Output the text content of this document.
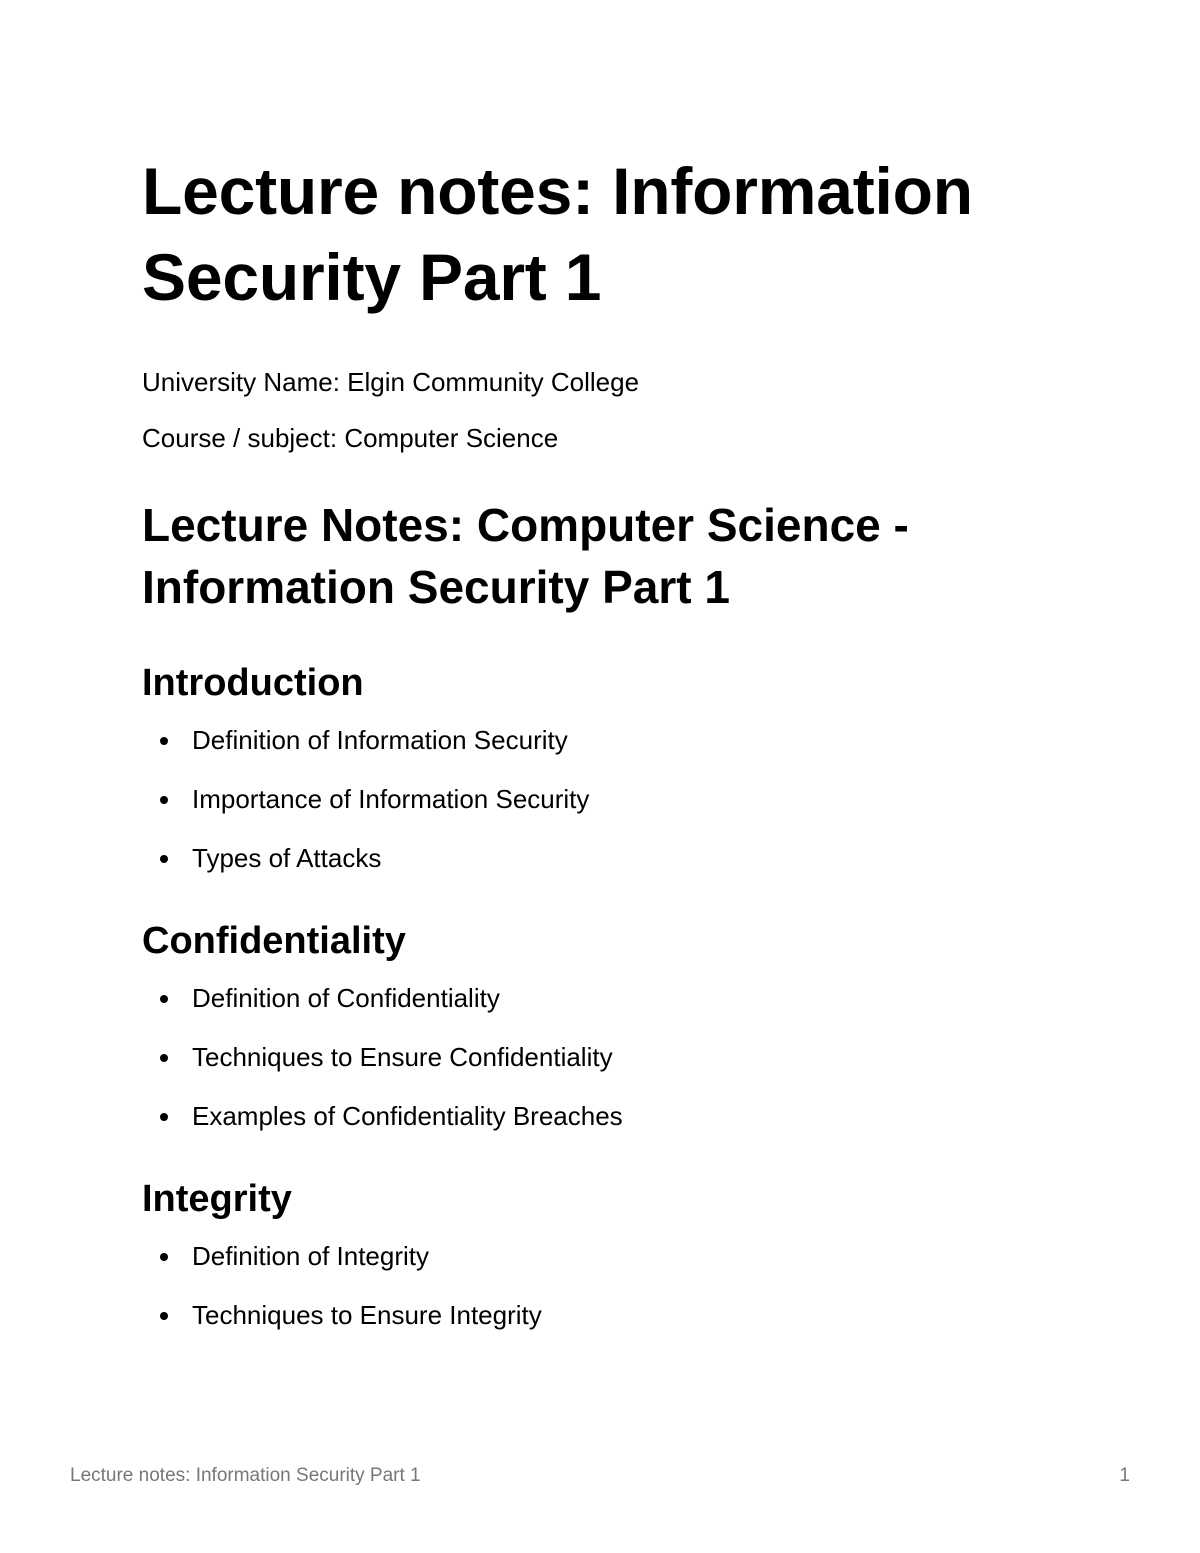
Lecture notes: Information Security Part 1

University Name: Elgin Community College

Course / subject: Computer Science

Lecture Notes: Computer Science - Information Security Part 1
Introduction
Definition of Information Security
Importance of Information Security
Types of Attacks
Confidentiality
Definition of Confidentiality
Techniques to Ensure Confidentiality
Examples of Confidentiality Breaches
Integrity
Definition of Integrity
Techniques to Ensure Integrity
Lecture notes: Information Security Part 1	1
